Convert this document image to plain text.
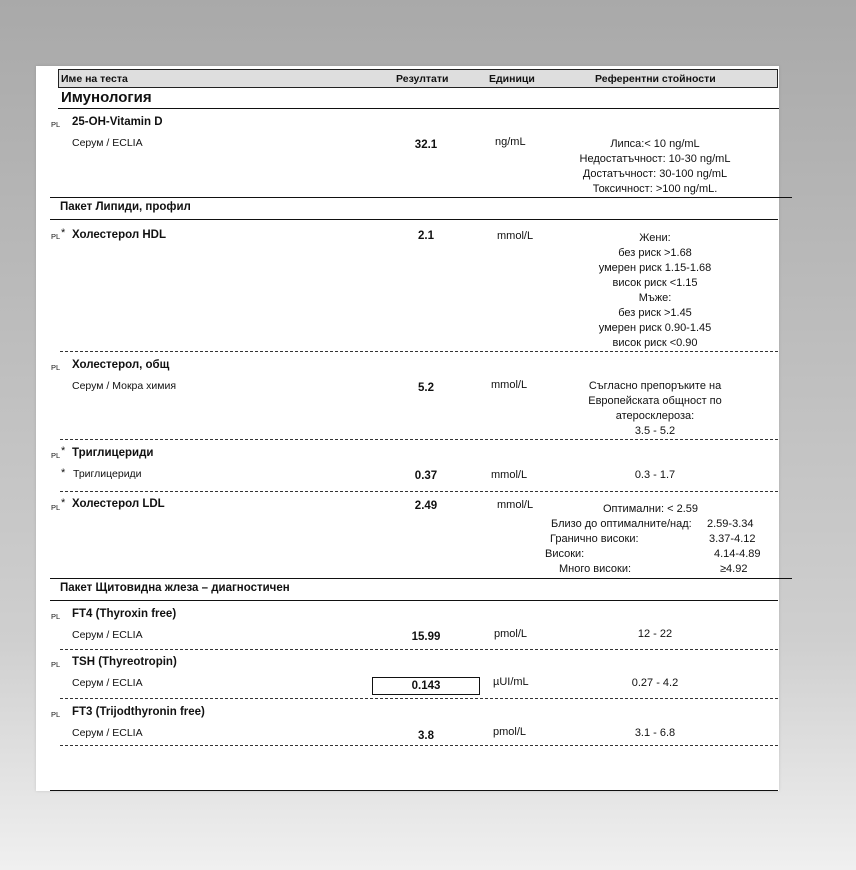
Име на теста	Резултати	Единици	Референтни стойности
Имунология
PL 25-OH-Vitamin D
Серум / ECLIA	32.1	ng/mL	Липса:< 10 ng/mL
Недостатъчност: 10-30 ng/mL
Достатъчност: 30-100 ng/mL
Токсичност: >100 ng/mL.
Пакет Липиди, профил
PL * Холестерол HDL	2.1	mmol/L	Жени:
без риск >1.68
умерен риск 1.15-1.68
висок риск <1.15
Мъже:
без риск >1.45
умерен риск 0.90-1.45
висок риск <0.90
PL Холестерол, общ
Серум / Мокра химия	5.2	mmol/L	Съгласно препоръките на
Европейската общност по
атеросклероза:
3.5 - 5.2
PL * Триглицериди
* Триглицериди	0.37	mmol/L	0.3 - 1.7
PL * Холестерол LDL	2.49	mmol/L	Оптимални: < 2.59
Близо до оптималните/над: 2.59-3.34
Гранично високи:	3.37-4.12
Високи:	4.14-4.89
Много високи:	≥4.92
Пакет Щитовидна жлеза – диагностичен
PL FT4 (Thyroxin free)
Серум / ECLIA	15.99	pmol/L	12 - 22
PL TSH (Thyreotropin)
Серум / ECLIA	0.143	µUI/mL	0.27 - 4.2
PL FT3 (Trijodthyronin free)
Серум / ECLIA	3.8	pmol/L	3.1 - 6.8
